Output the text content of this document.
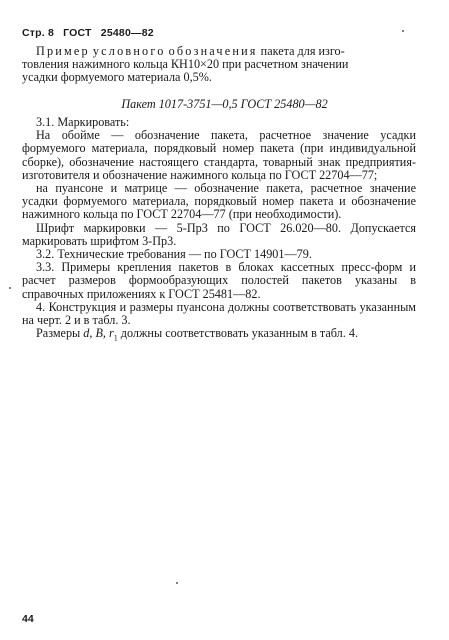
Стр. 8 ГОСТ 25480—82
Пример условного обозначения пакета для изго-
товления нажимного кольца КН10×20 при расчетном значении
усадки формуемого материала 0,5%.
Пакет 1017-3751—0,5 ГОСТ 25480—82
3.1. Маркировать:
На обойме — обозначение пакета, расчетное значение усадки формуемого материала, порядковый номер пакета (при индивидуальной сборке), обозначение настоящего стандарта, товарный знак предприятия-изготовителя и обозначение нажимного кольца по ГОСТ 22704—77;
на пуансоне и матрице — обозначение пакета, расчетное значение усадки формуемого материала, порядковый номер пакета и обозначение нажимного кольца по ГОСТ 22704—77 (при необходимости).
Шрифт маркировки — 5-Пр3 по ГОСТ 26.020—80. Допускается маркировать шрифтом 3-Пр3.
3.2. Технические требования — по ГОСТ 14901—79.
3.3. Примеры крепления пакетов в блоках кассетных пресс-форм и расчет размеров формообразующих полостей пакетов указаны в справочных приложениях к ГОСТ 25481—82.
4. Конструкция и размеры пуансона должны соответствовать указанным на черт. 2 и в табл. 3.
Размеры d, B, $r_1$ должны соответствовать указанным в табл. 4.
44
